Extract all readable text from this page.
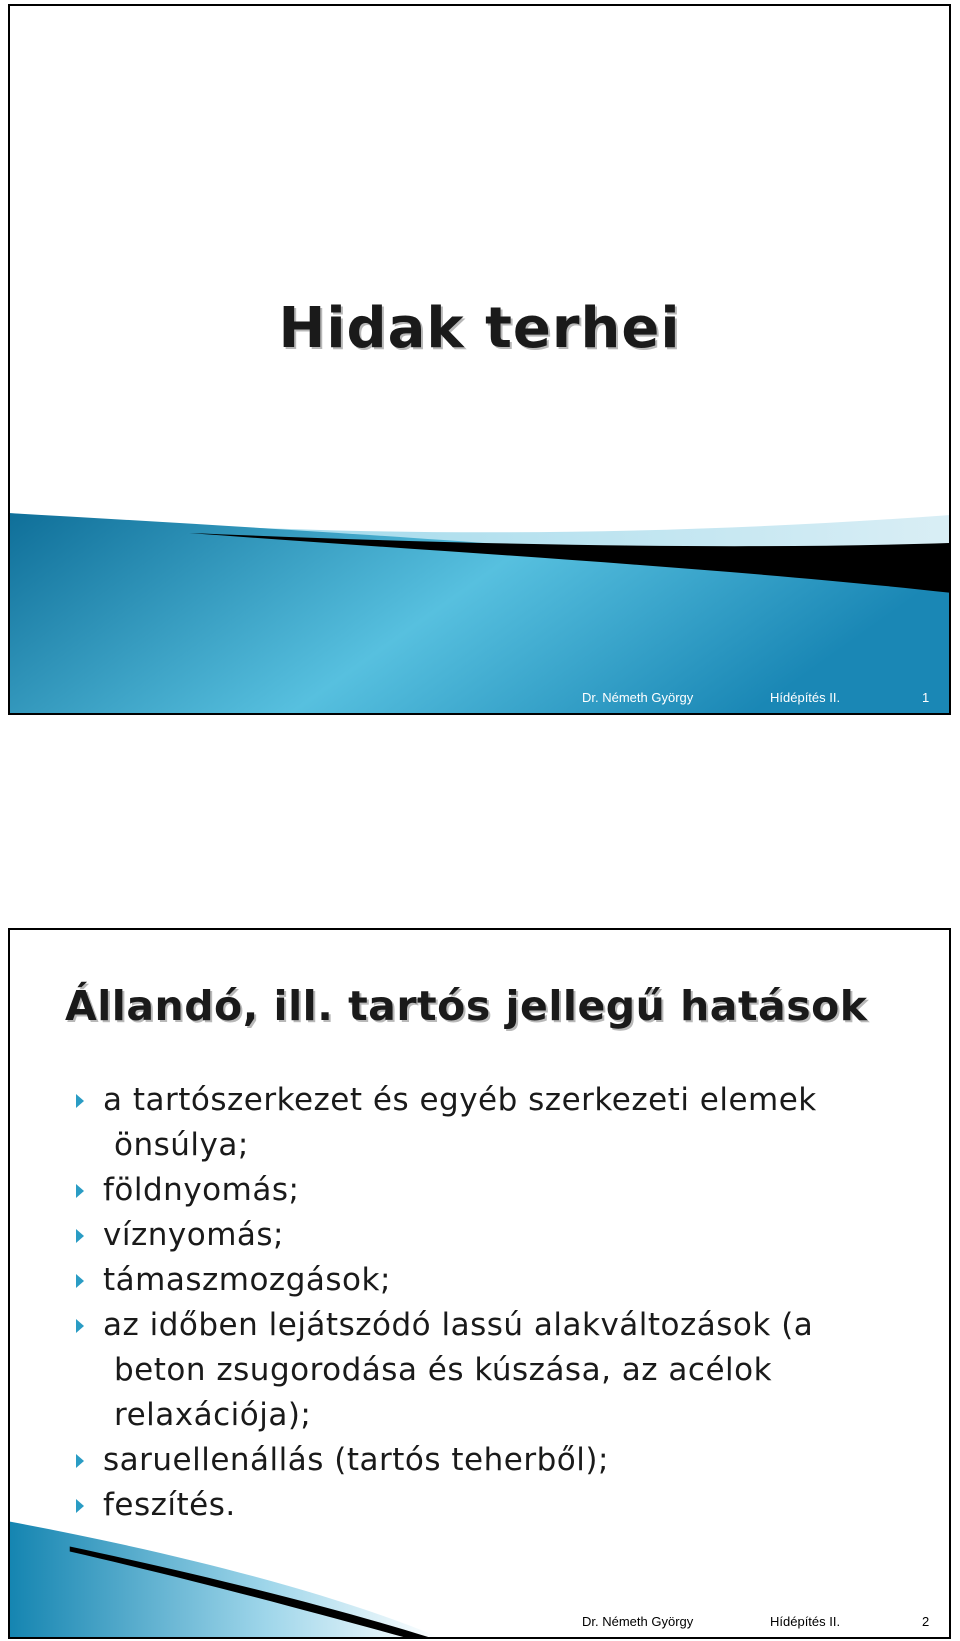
Hidak terhei
Dr. Németh György	Hídépítés II.	1
Állandó, ill. tartós jellegű hatások
a tartószerkezet és egyéb szerkezeti elemek önsúlya;
földnyomás;
víznyomás;
támaszmozgások;
az időben lejátszódó lassú alakváltozások (a beton zsugorodása és kúszása, az acélok relaxációja);
saruellenállás (tartós teherből);
feszítés.
Dr. Németh György	Hídépítés II.	2
